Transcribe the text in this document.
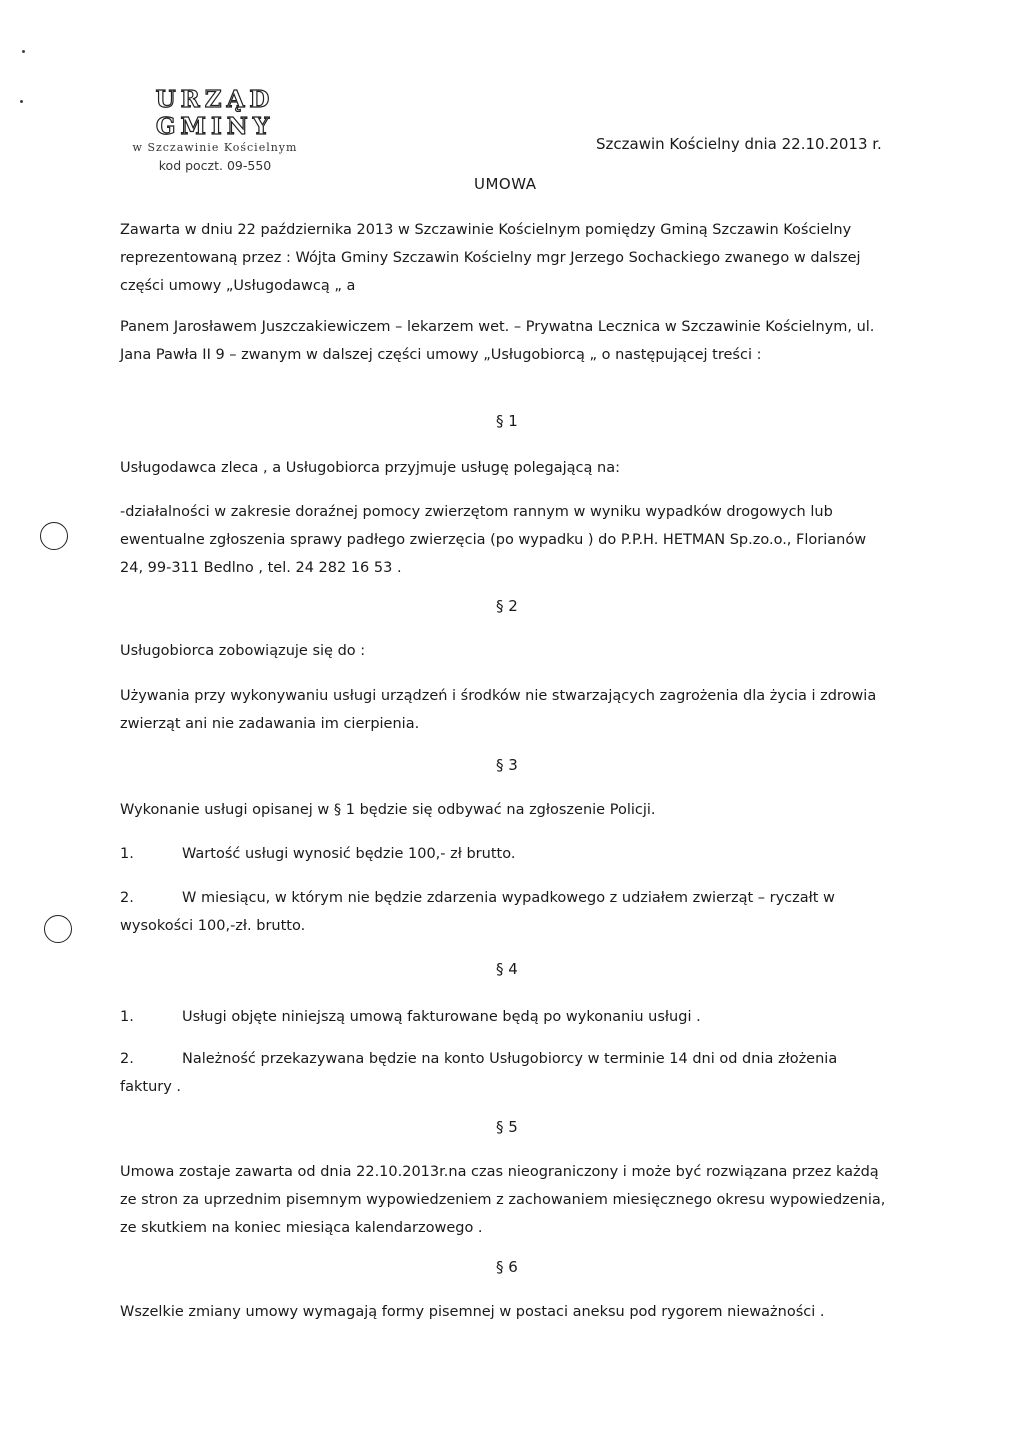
URZĄD GMINY
w Szczawinie Kościelnym
kod poczt. 09-550
Szczawin Kościelny dnia 22.10.2013 r.
UMOWA

Zawarta w dniu 22 października 2013 w Szczawinie Kościelnym pomiędzy Gminą Szczawin Kościelny reprezentowaną przez : Wójta Gminy Szczawin Kościelny mgr Jerzego Sochackiego zwanego w dalszej części umowy „Usługodawcą „ a

Panem Jarosławem Juszczakiewiczem – lekarzem wet. – Prywatna Lecznica w Szczawinie Kościelnym, ul. Jana Pawła II 9 – zwanym w dalszej części umowy „Usługobiorcą „ o następującej treści :

§ 1

Usługodawca zleca , a Usługobiorca przyjmuje usługę polegającą na:

-działalności w zakresie doraźnej pomocy zwierzętom rannym w wyniku wypadków drogowych lub ewentualne zgłoszenia sprawy padłego zwierzęcia (po wypadku ) do P.P.H. HETMAN Sp.zo.o., Florianów 24, 99-311 Bedlno , tel. 24 282 16 53 .

§ 2

Usługobiorca zobowiązuje się do :

Używania przy wykonywaniu usługi urządzeń i środków nie stwarzających zagrożenia dla życia i zdrowia zwierząt ani nie zadawania im cierpienia.

§ 3

Wykonanie usługi opisanej w § 1 będzie się odbywać na zgłoszenie Policji.

1.	Wartość usługi wynosić będzie 100,- zł brutto.
2.	W miesiącu, w którym nie będzie zdarzenia wypadkowego z udziałem zwierząt – ryczałt w wysokości 100,-zł. brutto.
§ 4
1.	Usługi objęte niniejszą umową fakturowane będą po wykonaniu usługi .
2.	Należność przekazywana będzie na konto Usługobiorcy w terminie 14 dni od dnia złożenia faktury .
§ 5

Umowa zostaje zawarta od dnia 22.10.2013r.na czas nieograniczony i może być rozwiązana przez każdą ze stron za uprzednim pisemnym wypowiedzeniem z zachowaniem miesięcznego okresu wypowiedzenia, ze skutkiem na koniec miesiąca kalendarzowego .

§ 6

Wszelkie zmiany umowy wymagają formy pisemnej w postaci aneksu pod rygorem nieważności .
